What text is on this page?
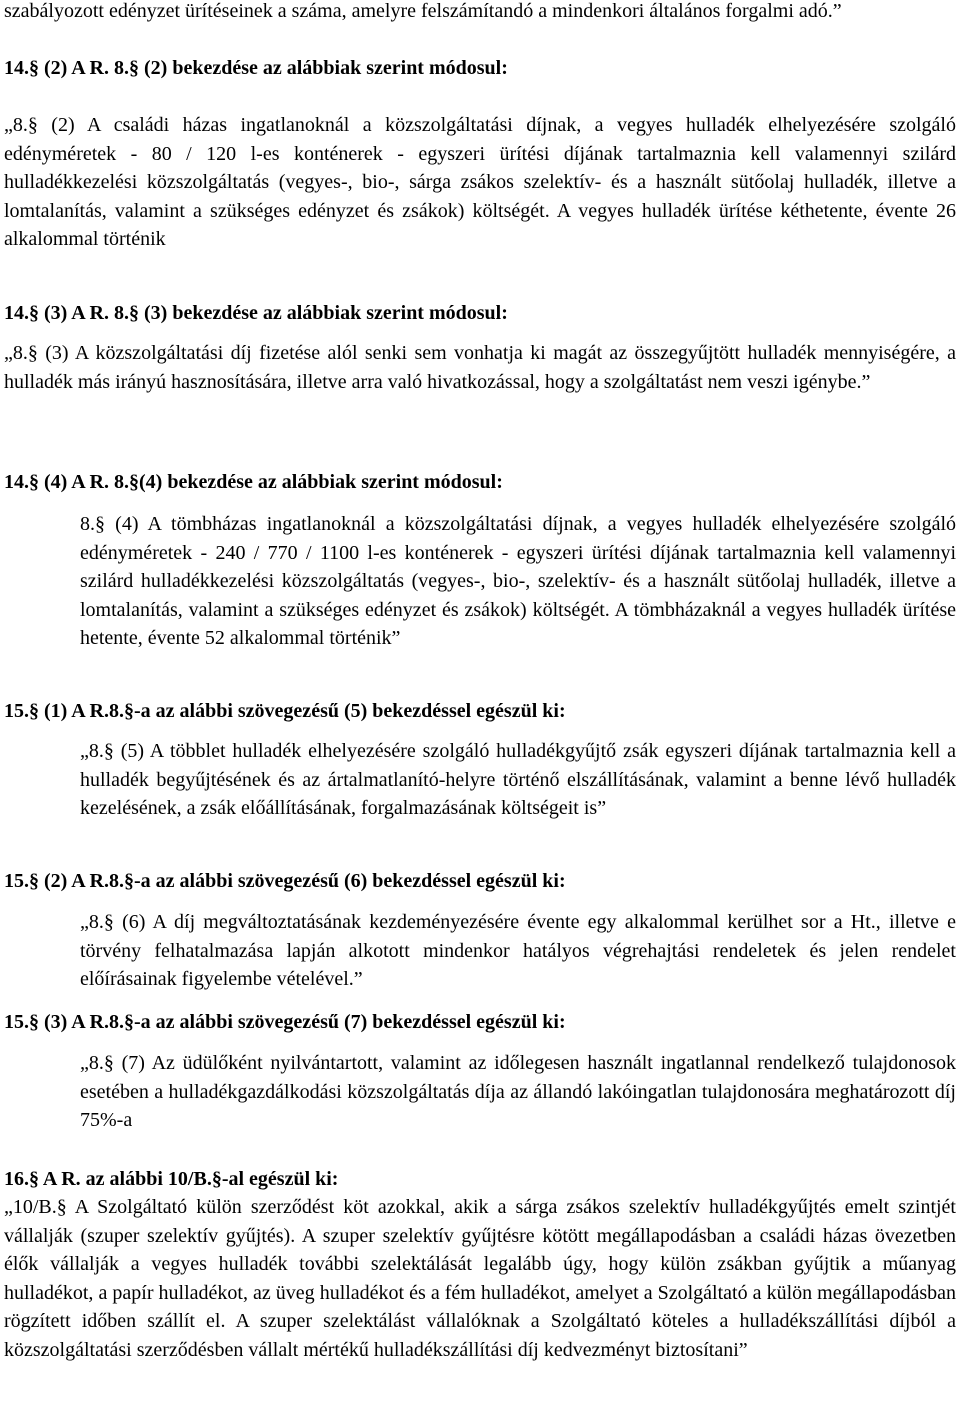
szabályozott edényzet ürítéseinek a száma, amelyre felszámítandó a mindenkori általános forgalmi adó.”

14.§ (2) A R. 8.§ (2) bekezdése az alábbiak szerint módosul:

„8.§ (2) A családi házas ingatlanoknál a közszolgáltatási díjnak, a vegyes hulladék elhelyezésére szolgáló edényméretek - 80 / 120 l-es konténerek - egyszeri ürítési díjának tartalmaznia kell valamennyi szilárd hulladékkezelési közszolgáltatás (vegyes-, bio-, sárga zsákos szelektív- és a használt sütőolaj hulladék, illetve a lomtalanítás, valamint a szükséges edényzet és zsákok) költségét. A vegyes hulladék ürítése kéthetente, évente 26 alkalommal történik

14.§ (3) A R. 8.§ (3) bekezdése az alábbiak szerint módosul:

„8.§ (3) A közszolgáltatási díj fizetése alól senki sem vonhatja ki magát az összegyűjtött hulladék mennyiségére, a hulladék más irányú hasznosítására, illetve arra való hivatkozással, hogy a szolgáltatást nem veszi igénybe.”

14.§ (4) A R. 8.§(4) bekezdése az alábbiak szerint módosul:

8.§ (4) A tömbházas ingatlanoknál a közszolgáltatási díjnak, a vegyes hulladék elhelyezésére szolgáló edényméretek - 240 / 770 / 1100 l-es konténerek - egyszeri ürítési díjának tartalmaznia kell valamennyi szilárd hulladékkezelési közszolgáltatás (vegyes-, bio-, szelektív- és a használt sütőolaj hulladék, illetve a lomtalanítás, valamint a szükséges edényzet és zsákok) költségét. A tömbházaknál a vegyes hulladék ürítése hetente, évente 52 alkalommal történik”

15.§ (1) A R.8.§-a az alábbi szövegezésű (5) bekezdéssel egészül ki:

„8.§ (5) A többlet hulladék elhelyezésére szolgáló hulladékgyűjtő zsák egyszeri díjának tartalmaznia kell a hulladék begyűjtésének és az ártalmatlanító-helyre történő elszállításának, valamint a benne lévő hulladék kezelésének, a zsák előállításának, forgalmazásának költségeit is”

15.§ (2) A R.8.§-a az alábbi szövegezésű (6) bekezdéssel egészül ki:

„8.§ (6) A díj megváltoztatásának kezdeményezésére évente egy alkalommal kerülhet sor a Ht., illetve e törvény felhatalmazása lapján alkotott mindenkor hatályos végrehajtási rendeletek és jelen rendelet előírásainak figyelembe vételével.”

15.§ (3) A R.8.§-a az alábbi szövegezésű (7) bekezdéssel egészül ki:

„8.§ (7) Az üdülőként nyilvántartott, valamint az időlegesen használt ingatlannal rendelkező tulajdonosok esetében a hulladékgazdálkodási közszolgáltatás díja az állandó lakóingatlan tulajdonosára meghatározott díj 75%-a

16.§ A R. az alábbi 10/B.§-al egészül ki:

„10/B.§ A Szolgáltató külön szerződést köt azokkal, akik a sárga zsákos szelektív hulladékgyűjtés emelt szintjét vállalják (szuper szelektív gyűjtés). A szuper szelektív gyűjtésre kötött megállapodásban a családi házas övezetben élők vállalják a vegyes hulladék további szelektálását legalább úgy, hogy külön zsákban gyűjtik a műanyag hulladékot, a papír hulladékot, az üveg hulladékot és a fém hulladékot, amelyet a Szolgáltató a külön megállapodásban rögzített időben szállít el. A szuper szelektálást vállalóknak a Szolgáltató köteles a hulladékszállítási díjból a közszolgáltatási szerződésben vállalt mértékű hulladékszállítási díj kedvezményt biztosítani”
